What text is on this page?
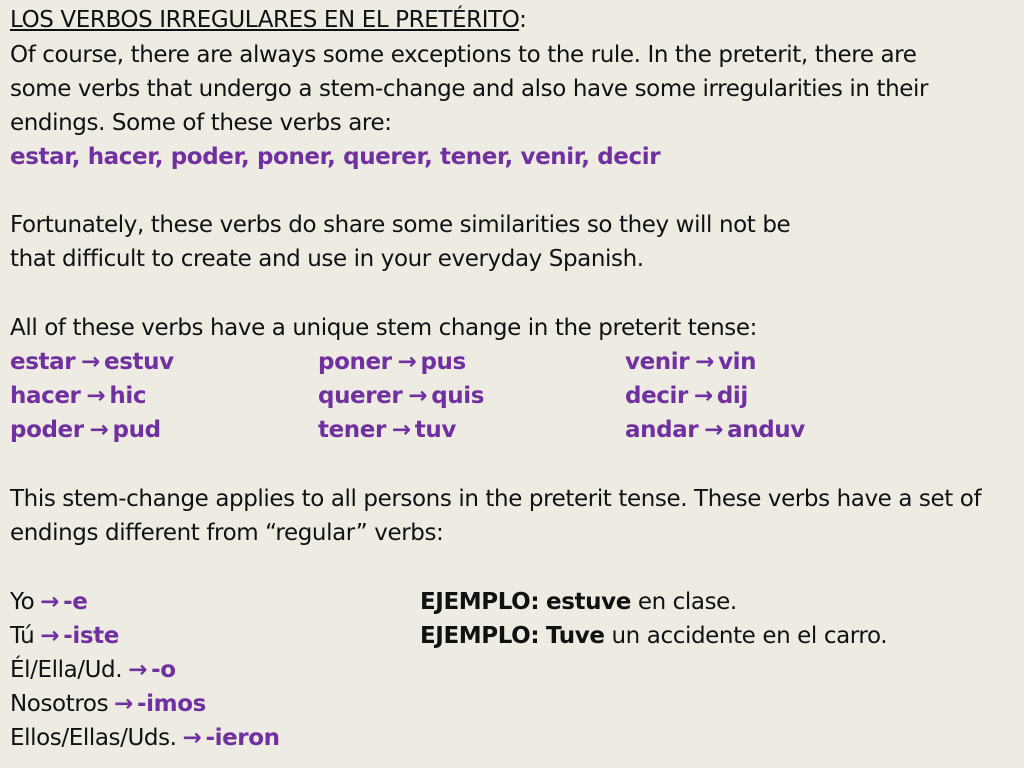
LOS VERBOS IRREGULARES EN EL PRETÉRITO:
Of course, there are always some exceptions to the rule. In the preterit, there are
some verbs that undergo a stem-change and also have some irregularities in their
endings. Some of these verbs are:
estar, hacer, poder, poner, querer, tener, venir, decir
Fortunately, these verbs do share some similarities so they will not be
that difficult to create and use in your everyday Spanish.
All of these verbs have a unique stem change in the preterit tense:
estar → estuv	poner → pus	venir → vin
hacer → hic	querer → quis	decir → dij
poder → pud	tener → tuv	andar → anduv
This stem-change applies to all persons in the preterit tense. These verbs have a set of
endings different from “regular” verbs:
Yo → -e
Tú → -iste
Él/Ella/Ud. → -o
Nosotros → -imos
Ellos/Ellas/Uds. → -ieron
EJEMPLO: estuve en clase.
EJEMPLO: Tuve un accidente en el carro.
